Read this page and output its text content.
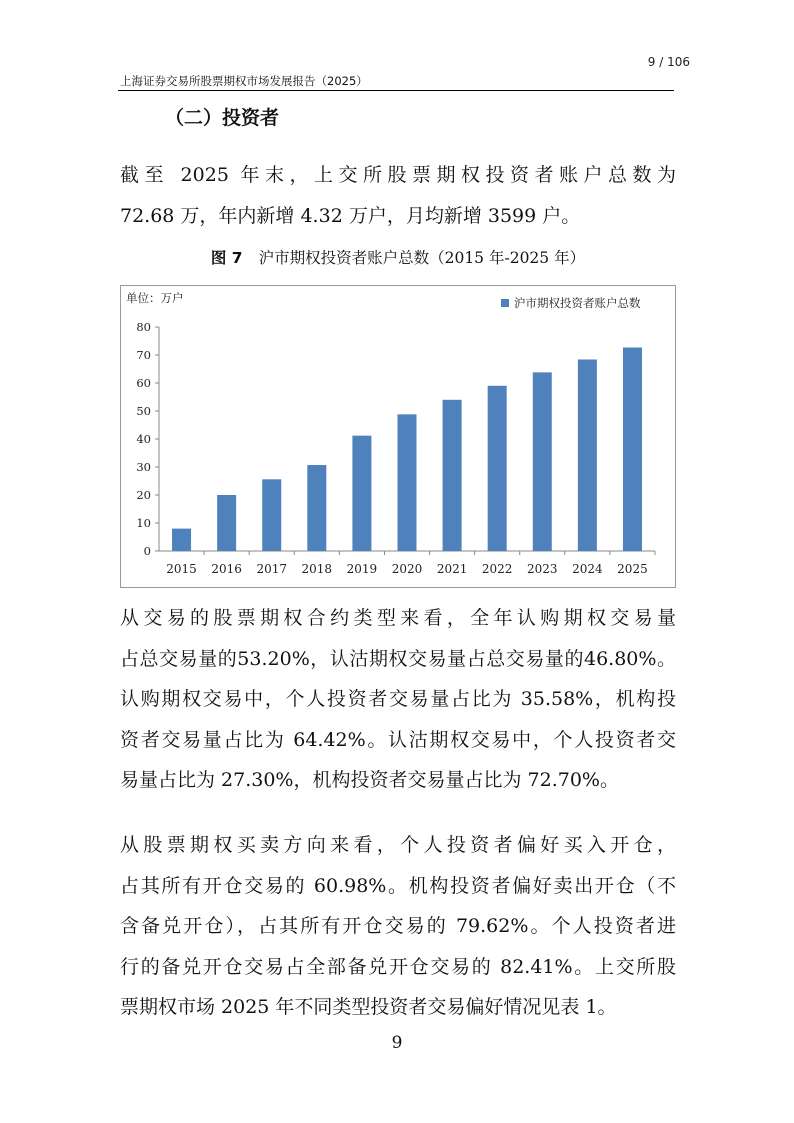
9 / 106
上海证券交易所股票期权市场发展报告（2025）
（二）投资者
截至 2025 年末，上交所股票期权投资者账户总数为
72.68 万，年内新增 4.32 万户，月均新增 3599 户。
图 7 沪市期权投资者账户总数（2015 年-2025 年）
单位：万户	沪市期权投资者账户总数
0
10
20
30
40
50
60
70
80
2015 2016 2017 2018 2019 2020 2021 2022 2023 2024 2025
从交易的股票期权合约类型来看，全年认购期权交易量
占总交易量的53.20%，认沽期权交易量占总交易量的46.80%。
认购期权交易中，个人投资者交易量占比为 35.58%，机构投
资者交易量占比为 64.42%。认沽期权交易中，个人投资者交
易量占比为 27.30%，机构投资者交易量占比为 72.70%。
从股票期权买卖方向来看，个人投资者偏好买入开仓，
占其所有开仓交易的 60.98%。机构投资者偏好卖出开仓（不
含备兑开仓），占其所有开仓交易的 79.62%。个人投资者进
行的备兑开仓交易占全部备兑开仓交易的 82.41%。上交所股
票期权市场 2025 年不同类型投资者交易偏好情况见表 1。
9
